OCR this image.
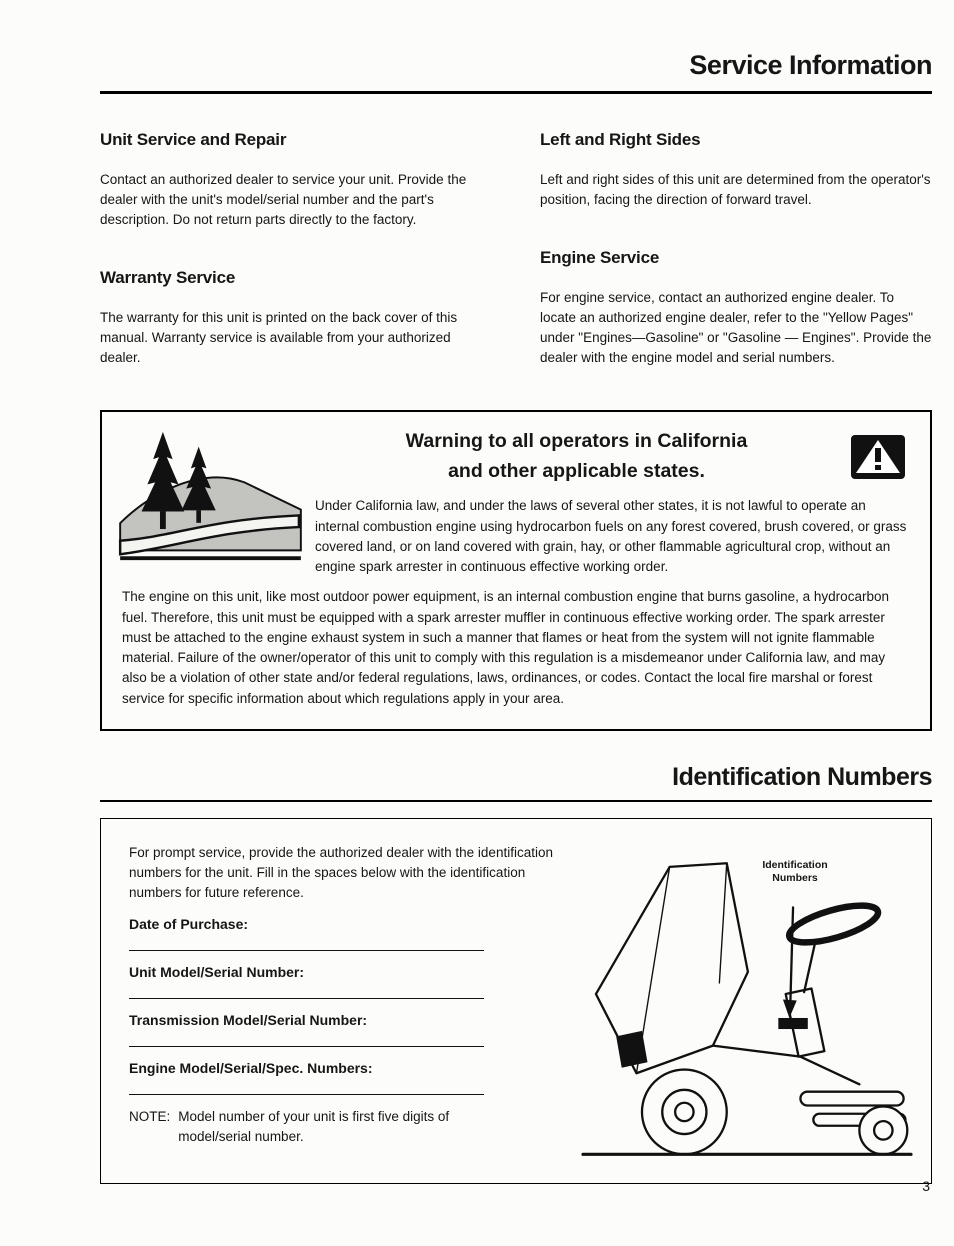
Service Information
Unit Service and Repair

Contact an authorized dealer to service your unit. Provide the dealer with the unit's model/serial number and the part's description. Do not return parts directly to the factory.

Warranty Service

The warranty for this unit is printed on the back cover of this manual. Warranty service is available from your authorized dealer.

Left and Right Sides

Left and right sides of this unit are determined from the operator's position, facing the direction of forward travel.

Engine Service

For engine service, contact an authorized engine dealer. To locate an authorized engine dealer, refer to the "Yellow Pages" under "Engines—Gasoline" or "Gasoline — Engines". Provide the dealer with the engine model and serial numbers.

Warning to all operators in California
and other applicable states.

Under California law, and under the laws of several other states, it is not lawful to operate an internal combustion engine using hydrocarbon fuels on any forest covered, brush covered, or grass covered land, or on land covered with grain, hay, or other flammable agricultural crop, without an engine spark arrester in continuous effective working order.

The engine on this unit, like most outdoor power equipment, is an internal combustion engine that burns gasoline, a hydrocarbon fuel. Therefore, this unit must be equipped with a spark arrester muffler in continuous effective working order. The spark arrester must be attached to the engine exhaust system in such a manner that flames or heat from the system will not ignite flammable material. Failure of the owner/operator of this unit to comply with this regulation is a misdemeanor under California law, and may also be a violation of other state and/or federal regulations, laws, ordinances, or codes. Contact the local fire marshal or forest service for specific information about which regulations apply in your area.

Identification Numbers

For prompt service, provide the authorized dealer with the identification numbers for the unit. Fill in the spaces below with the identification numbers for future reference.

Date of Purchase:
Unit Model/Serial Number:
Transmission Model/Serial Number:
Engine Model/Serial/Spec. Numbers:
NOTE: Model number of your unit is first five digits of model/serial number.
Identification
Numbers
3
